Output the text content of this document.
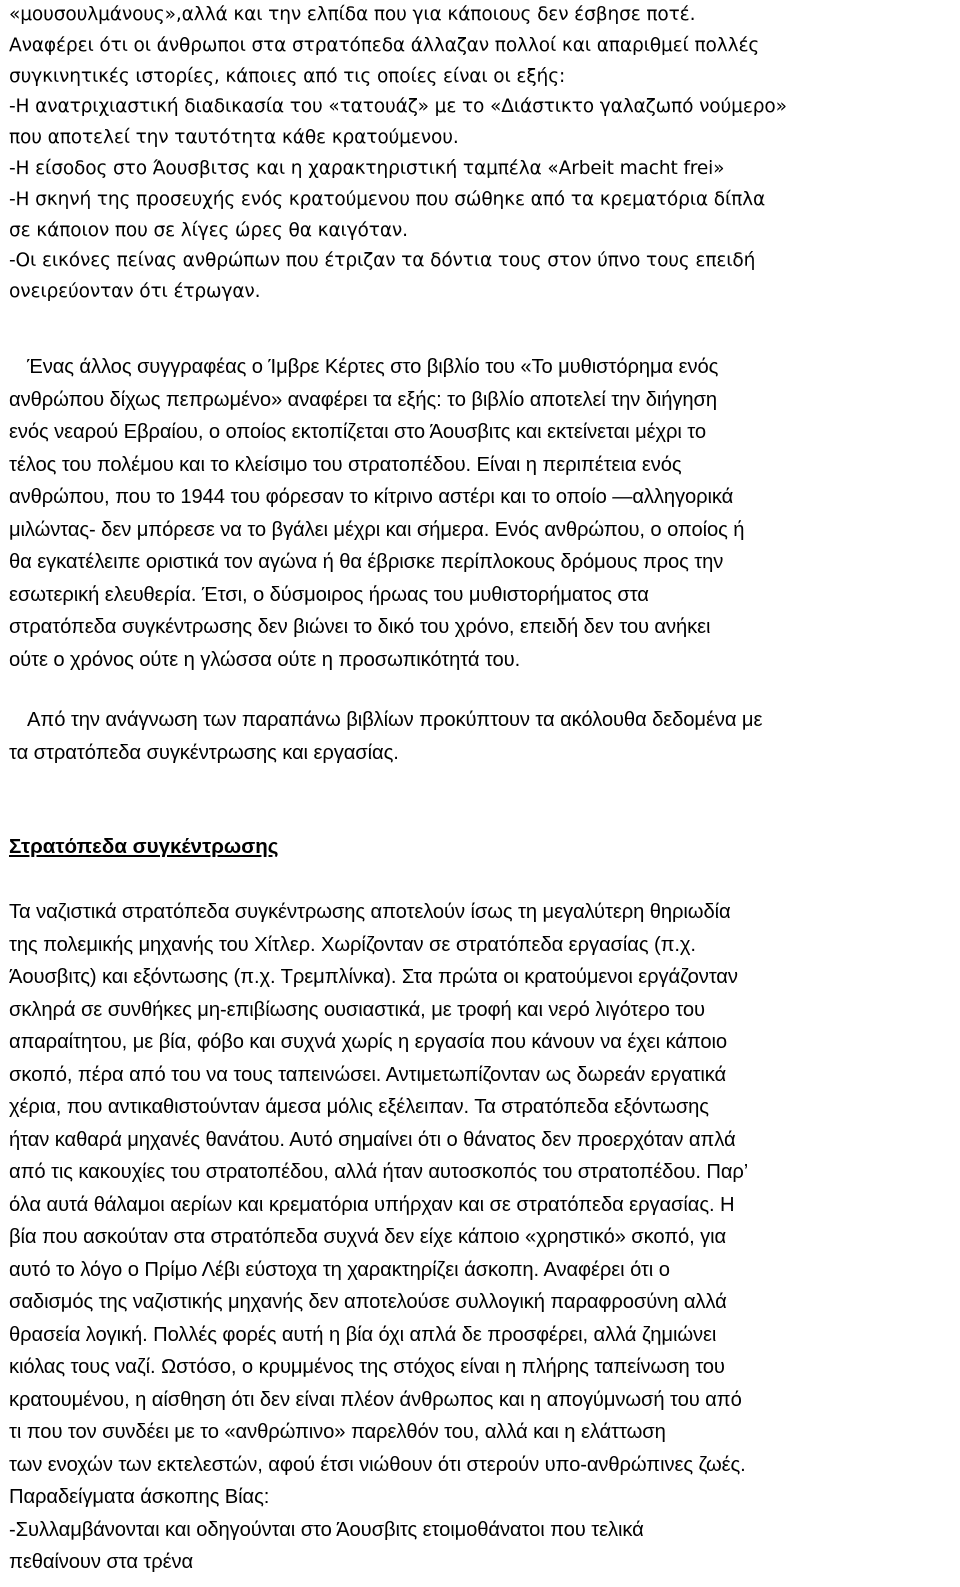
«μουσουλμάνους»,αλλά και την ελπίδα που για κάποιους δεν έσβησε ποτέ.
Αναφέρει ότι οι άνθρωποι στα στρατόπεδα άλλαζαν πολλοί και απαριθμεί πολλές
συγκινητικές ιστορίες, κάποιες από τις οποίες είναι οι εξής:
-Η ανατριχιαστική διαδικασία του «τατουάζ» με το «Διάστικτο γαλαζωπό νούμερο»
που αποτελεί την ταυτότητα κάθε κρατούμενου.
-Η είσοδος στο Άουσβιτσς και η χαρακτηριστική ταμπέλα «Arbeit macht frei»
-Η σκηνή της προσευχής ενός κρατούμενου που σώθηκε από τα κρεματόρια δίπλα
σε κάποιον που σε λίγες ώρες θα καιγόταν.
-Οι εικόνες πείνας ανθρώπων που έτριζαν τα δόντια τους στον ύπνο τους επειδή
ονειρεύονταν ότι έτρωγαν.

Ένας άλλος συγγραφέας ο Ίμβρε Κέρτες στο βιβλίο του «Το μυθιστόρημα ενός
ανθρώπου δίχως πεπρωμένο» αναφέρει τα εξής: το βιβλίο αποτελεί την διήγηση
ενός νεαρού Εβραίου, ο οποίος εκτοπίζεται στο Άουσβιτς και εκτείνεται μέχρι το
τέλος του πολέμου και το κλείσιμο του στρατοπέδου. Είναι η περιπέτεια ενός
ανθρώπου, που το 1944 του φόρεσαν το κίτρινο αστέρι και το οποίο —αλληγορικά
μιλώντας- δεν μπόρεσε να το βγάλει μέχρι και σήμερα. Ενός ανθρώπου, ο οποίος ή
θα εγκατέλειπε οριστικά τον αγώνα ή θα έβρισκε περίπλοκους δρόμους προς την
εσωτερική ελευθερία. Έτσι, ο δύσμοιρος ήρωας του μυθιστορήματος στα
στρατόπεδα συγκέντρωσης δεν βιώνει το δικό του χρόνο, επειδή δεν του ανήκει
ούτε ο χρόνος ούτε η γλώσσα ούτε η προσωπικότητά του.

Από την ανάγνωση των παραπάνω βιβλίων προκύπτουν τα ακόλουθα δεδομένα με
τα στρατόπεδα συγκέντρωσης και εργασίας.

Στρατόπεδα συγκέντρωσης

Τα ναζιστικά στρατόπεδα συγκέντρωσης αποτελούν ίσως τη μεγαλύτερη θηριωδία
της πολεμικής μηχανής του Χίτλερ. Χωρίζονταν σε στρατόπεδα εργασίας (π.χ.
Άουσβιτς) και εξόντωσης (π.χ. Τρεμπλίνκα). Στα πρώτα οι κρατούμενοι εργάζονταν
σκληρά σε συνθήκες μη-επιβίωσης ουσιαστικά, με τροφή και νερό λιγότερο του
απαραίτητου, με βία, φόβο και συχνά χωρίς η εργασία που κάνουν να έχει κάποιο
σκοπό, πέρα από του να τους ταπεινώσει. Αντιμετωπίζονταν ως δωρεάν εργατικά
χέρια, που αντικαθιστούνταν άμεσα μόλις εξέλειπαν. Τα στρατόπεδα εξόντωσης
ήταν καθαρά μηχανές θανάτου. Αυτό σημαίνει ότι ο θάνατος δεν προερχόταν απλά
από τις κακουχίες του στρατοπέδου, αλλά ήταν αυτοσκοπός του στρατοπέδου. Παρ’
όλα αυτά θάλαμοι αερίων και κρεματόρια υπήρχαν και σε στρατόπεδα εργασίας. Η
βία που ασκούταν στα στρατόπεδα συχνά δεν είχε κάποιο «χρηστικό» σκοπό, για
αυτό το λόγο ο Πρίμο Λέβι εύστοχα τη χαρακτηρίζει άσκοπη. Αναφέρει ότι ο
σαδισμός της ναζιστικής μηχανής δεν αποτελούσε συλλογική παραφροσύνη αλλά
θρασεία λογική. Πολλές φορές αυτή η βία όχι απλά δε προσφέρει, αλλά ζημιώνει
κιόλας τους ναζί. Ωστόσο, ο κρυμμένος της στόχος είναι η πλήρης ταπείνωση του
κρατουμένου, η αίσθηση ότι δεν είναι πλέον άνθρωπος και η απογύμνωσή του από
τι που τον συνδέει με το «ανθρώπινο» παρελθόν του, αλλά και η ελάττωση
των ενοχών των εκτελεστών, αφού έτσι νιώθουν ότι στερούν υπο-ανθρώπινες ζωές.
Παραδείγματα άσκοπης Βίας:
-Συλλαμβάνονται και οδηγούνται στο Άουσβιτς ετοιμοθάνατοι που τελικά
πεθαίνουν στα τρένα
